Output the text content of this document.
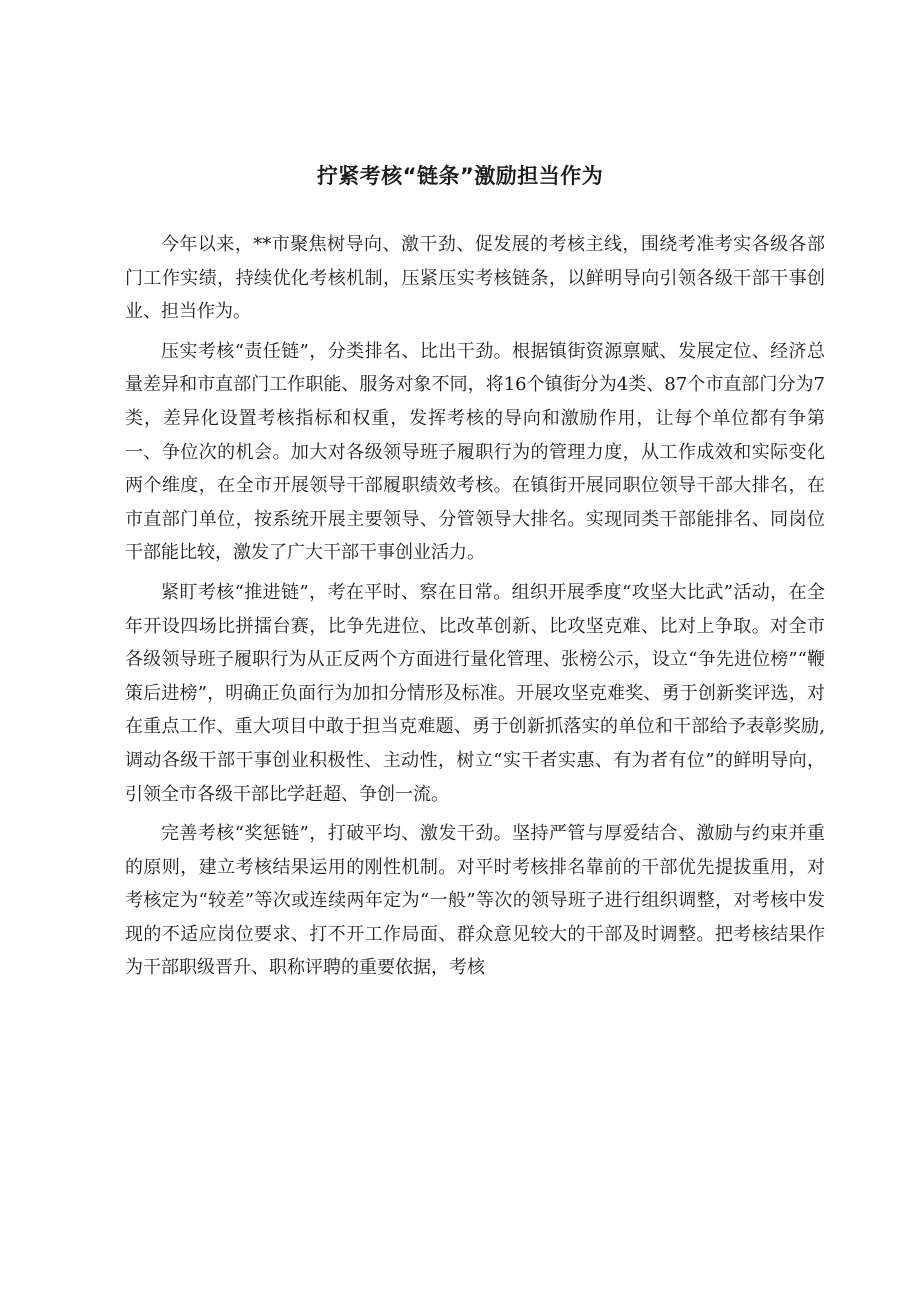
拧紧考核“链条”激励担当作为

今年以来，**市聚焦树导向、激干劲、促发展的考核主线，围绕考准考实各级各部门工作实绩，持续优化考核机制，压紧压实考核链条，以鲜明导向引领各级干部干事创业、担当作为。

压实考核“责任链”，分类排名、比出干劲。根据镇街资源禀赋、发展定位、经济总量差异和市直部门工作职能、服务对象不同，将16个镇街分为4类、87个市直部门分为7类，差异化设置考核指标和权重，发挥考核的导向和激励作用，让每个单位都有争第一、争位次的机会。加大对各级领导班子履职行为的管理力度，从工作成效和实际变化两个维度，在全市开展领导干部履职绩效考核。在镇街开展同职位领导干部大排名，在市直部门单位，按系统开展主要领导、分管领导大排名。实现同类干部能排名、同岗位干部能比较，激发了广大干部干事创业活力。

紧盯考核“推进链”，考在平时、察在日常。组织开展季度“攻坚大比武”活动，在全年开设四场比拼擂台赛，比争先进位、比改革创新、比攻坚克难、比对上争取。对全市各级领导班子履职行为从正反两个方面进行量化管理、张榜公示，设立“争先进位榜”“鞭策后进榜”，明确正负面行为加扣分情形及标准。开展攻坚克难奖、勇于创新奖评选，对在重点工作、重大项目中敢于担当克难题、勇于创新抓落实的单位和干部给予表彰奖励,调动各级干部干事创业积极性、主动性，树立“实干者实惠、有为者有位”的鲜明导向，引领全市各级干部比学赶超、争创一流。

完善考核“奖惩链”，打破平均、激发干劲。坚持严管与厚爱结合、激励与约束并重的原则，建立考核结果运用的刚性机制。对平时考核排名靠前的干部优先提拔重用，对考核定为“较差”等次或连续两年定为“一般”等次的领导班子进行组织调整，对考核中发现的不适应岗位要求、打不开工作局面、群众意见较大的干部及时调整。把考核结果作为干部职级晋升、职称评聘的重要依据，考核
